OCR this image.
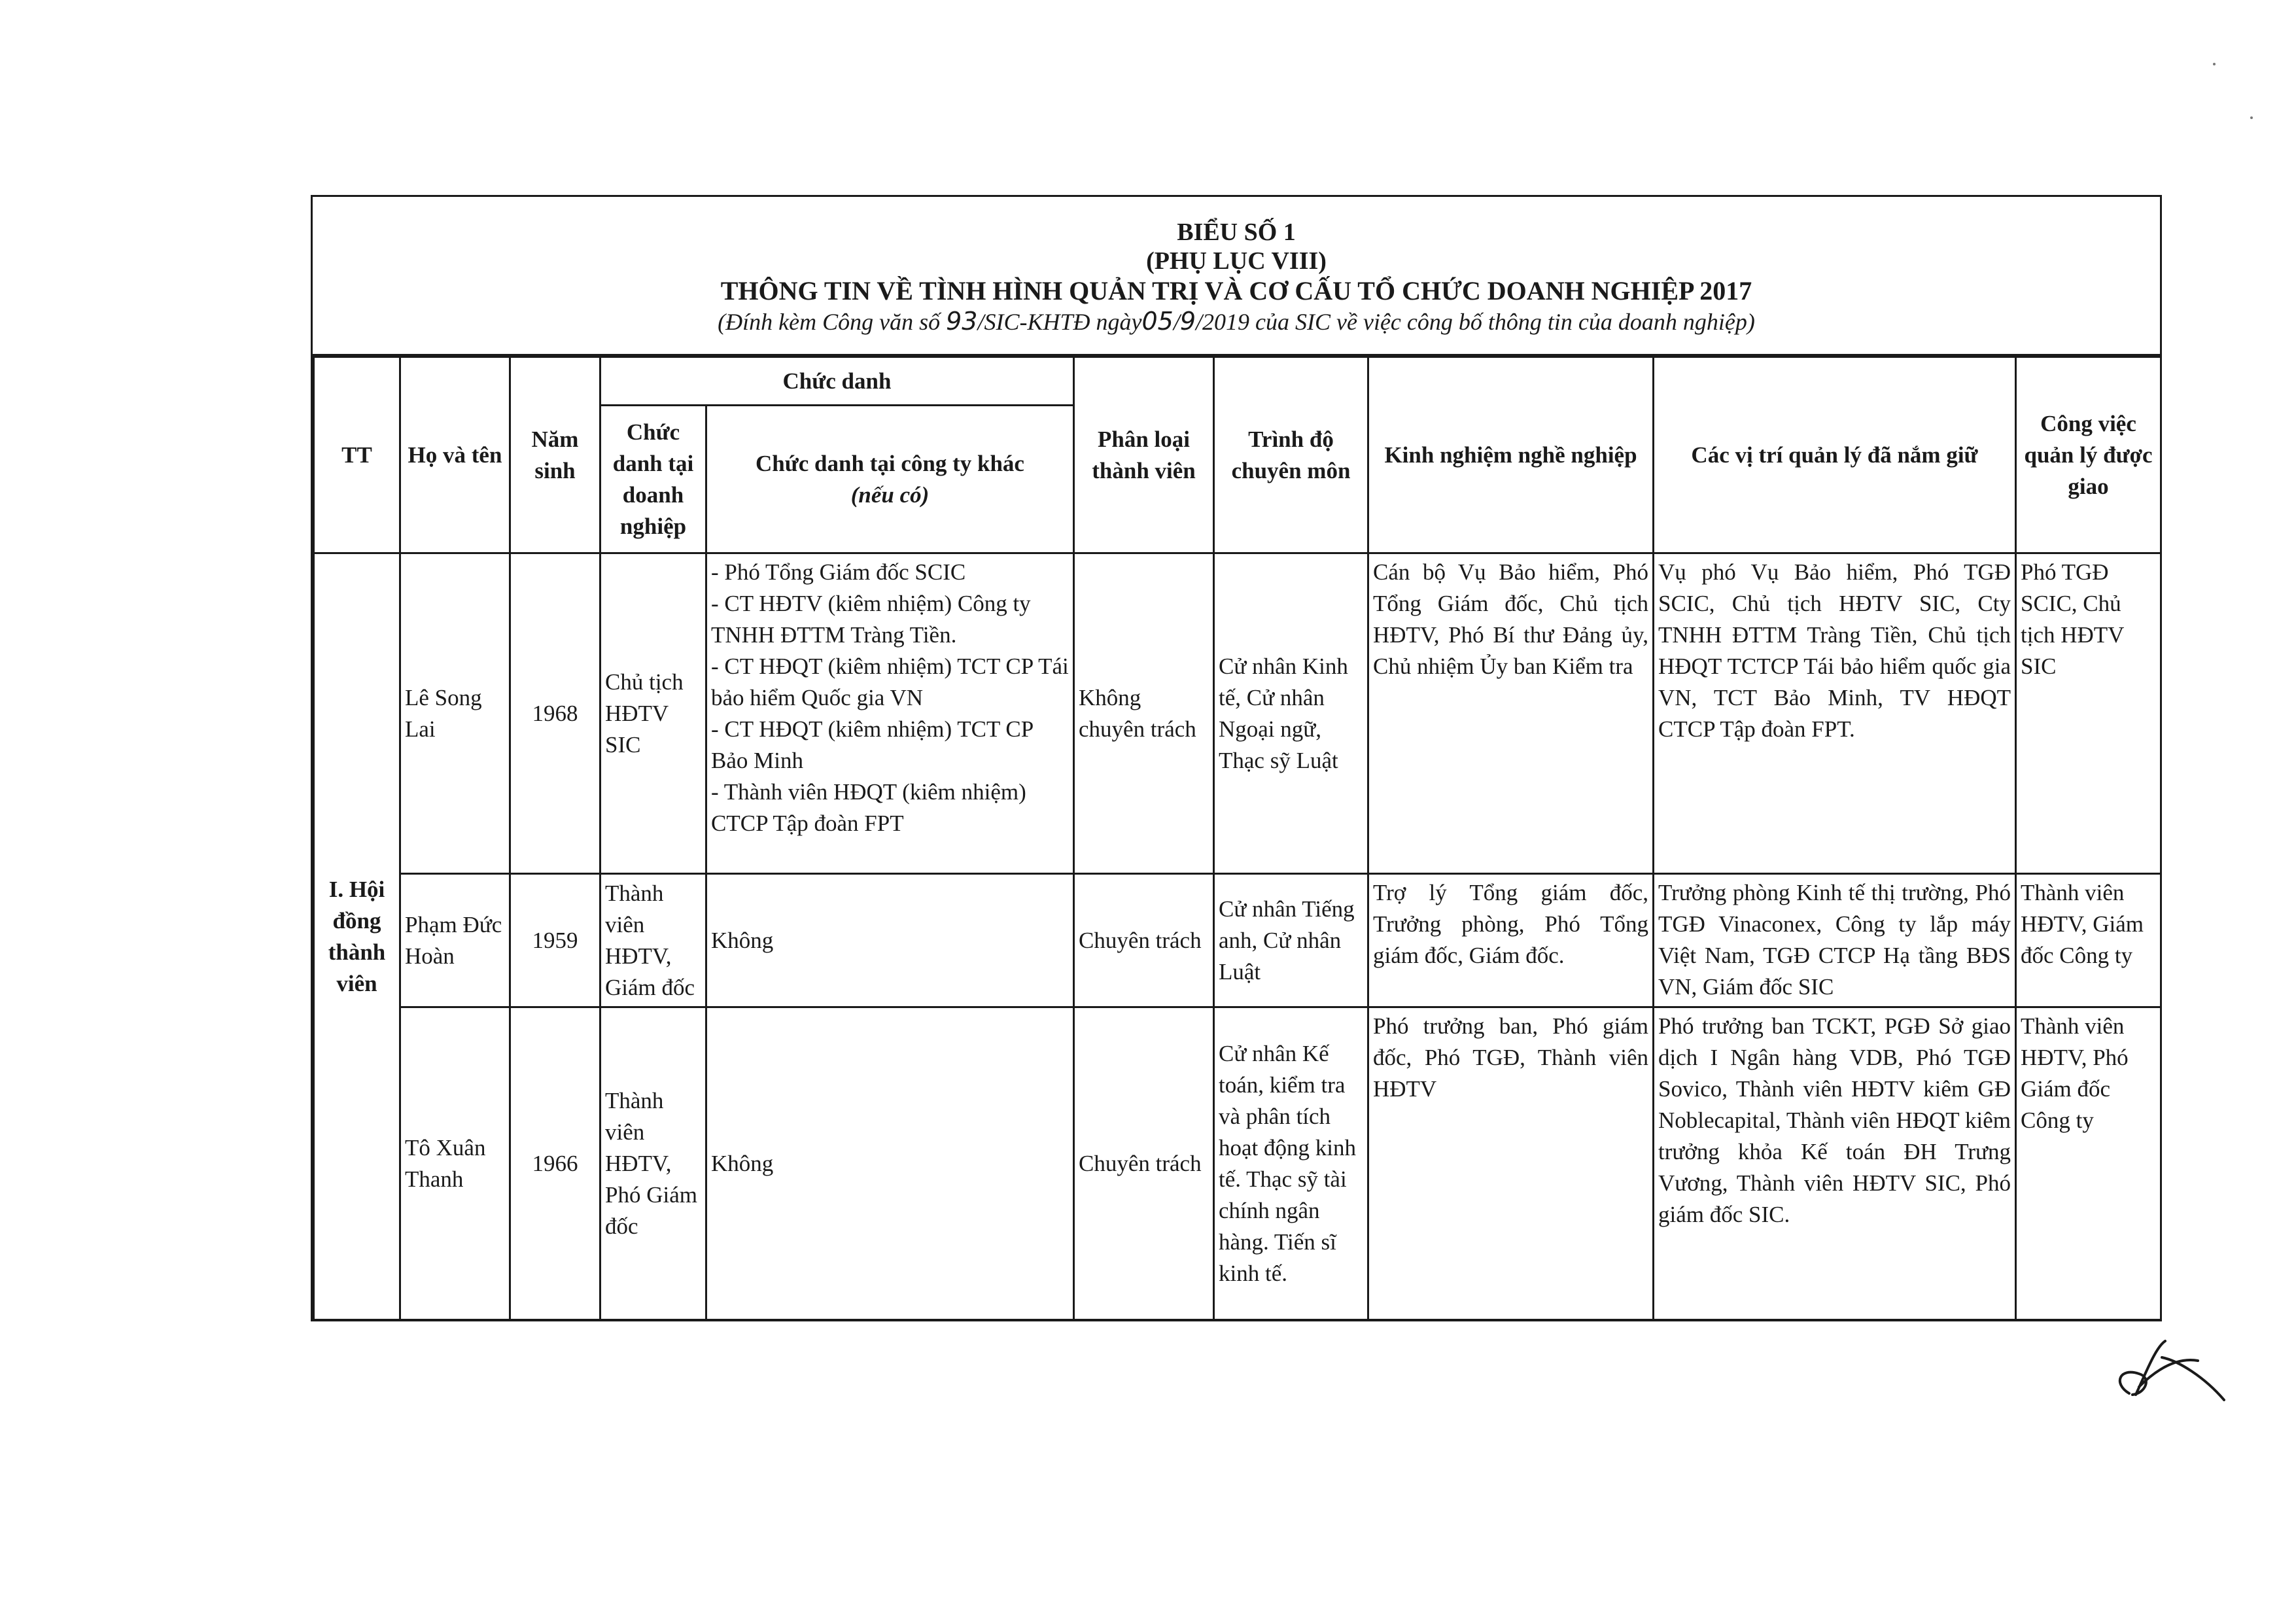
BIỂU SỐ 1
(PHỤ LỤC VIII)
THÔNG TIN VỀ TÌNH HÌNH QUẢN TRỊ VÀ CƠ CẤU TỔ CHỨC DOANH NGHIỆP 2017
(Đính kèm Công văn số 93/SIC-KHTĐ ngày05/9/2019 của SIC về việc công bố thông tin của doanh nghiệp)
TT	Họ và tên	Năm sinh	Chức danh		Phân loại thành viên	Trình độ chuyên môn	Kinh nghiệm nghề nghiệp	Các vị trí quản lý đã nắm giữ	Công việc quản lý được giao
			Chức danh tại doanh nghiệp	Chức danh tại công ty khác
(nếu có)					
I. Hội đồng thành viên	Lê Song Lai	1968	Chủ tịch HĐTV SIC	- Phó Tổng Giám đốc SCIC
- CT HĐTV (kiêm nhiệm) Công ty TNHH ĐTTM Tràng Tiền.
- CT HĐQT (kiêm nhiệm) TCT CP Tái bảo hiểm Quốc gia VN
- CT HĐQT (kiêm nhiệm) TCT CP Bảo Minh
- Thành viên HĐQT (kiêm nhiệm) CTCP Tập đoàn FPT	Không chuyên trách	Cử nhân Kinh tế, Cử nhân Ngoại ngữ, Thạc sỹ Luật	Cán bộ Vụ Bảo hiểm, Phó Tổng Giám đốc, Chủ tịch HĐTV, Phó Bí thư Đảng ủy, Chủ nhiệm Ủy ban Kiểm tra	Vụ phó Vụ Bảo hiểm, Phó TGĐ SCIC, Chủ tịch HĐTV SIC, Cty TNHH ĐTTM Tràng Tiền, Chủ tịch HĐQT TCTCP Tái bảo hiểm quốc gia VN, TCT Bảo Minh, TV HĐQT CTCP Tập đoàn FPT.	Phó TGĐ SCIC, Chủ tịch HĐTV SIC
	Phạm Đức Hoàn	1959	Thành viên HĐTV, Giám đốc	Không	Chuyên trách	Cử nhân Tiếng anh, Cử nhân Luật	Trợ lý Tổng giám đốc, Trưởng phòng, Phó Tổng giám đốc, Giám đốc.	Trưởng phòng Kinh tế thị trường, Phó TGĐ Vinaconex, Công ty lắp máy Việt Nam, TGĐ CTCP Hạ tầng BĐS VN, Giám đốc SIC	Thành viên HĐTV, Giám đốc Công ty
	Tô Xuân Thanh	1966	Thành viên HĐTV, Phó Giám đốc	Không	Chuyên trách	Cử nhân Kế toán, kiểm tra và phân tích hoạt động kinh tế. Thạc sỹ tài chính ngân hàng. Tiến sĩ kinh tế.	Phó trưởng ban, Phó giám đốc, Phó TGĐ, Thành viên HĐTV	Phó trưởng ban TCKT, PGĐ Sở giao dịch I Ngân hàng VDB, Phó TGĐ Sovico, Thành viên HĐTV kiêm GĐ Noblecapital, Thành viên HĐQT kiêm trưởng khỏa Kế toán ĐH Trưng Vương, Thành viên HĐTV SIC, Phó giám đốc SIC.	Thành viên HĐTV, Phó Giám đốc Công ty
